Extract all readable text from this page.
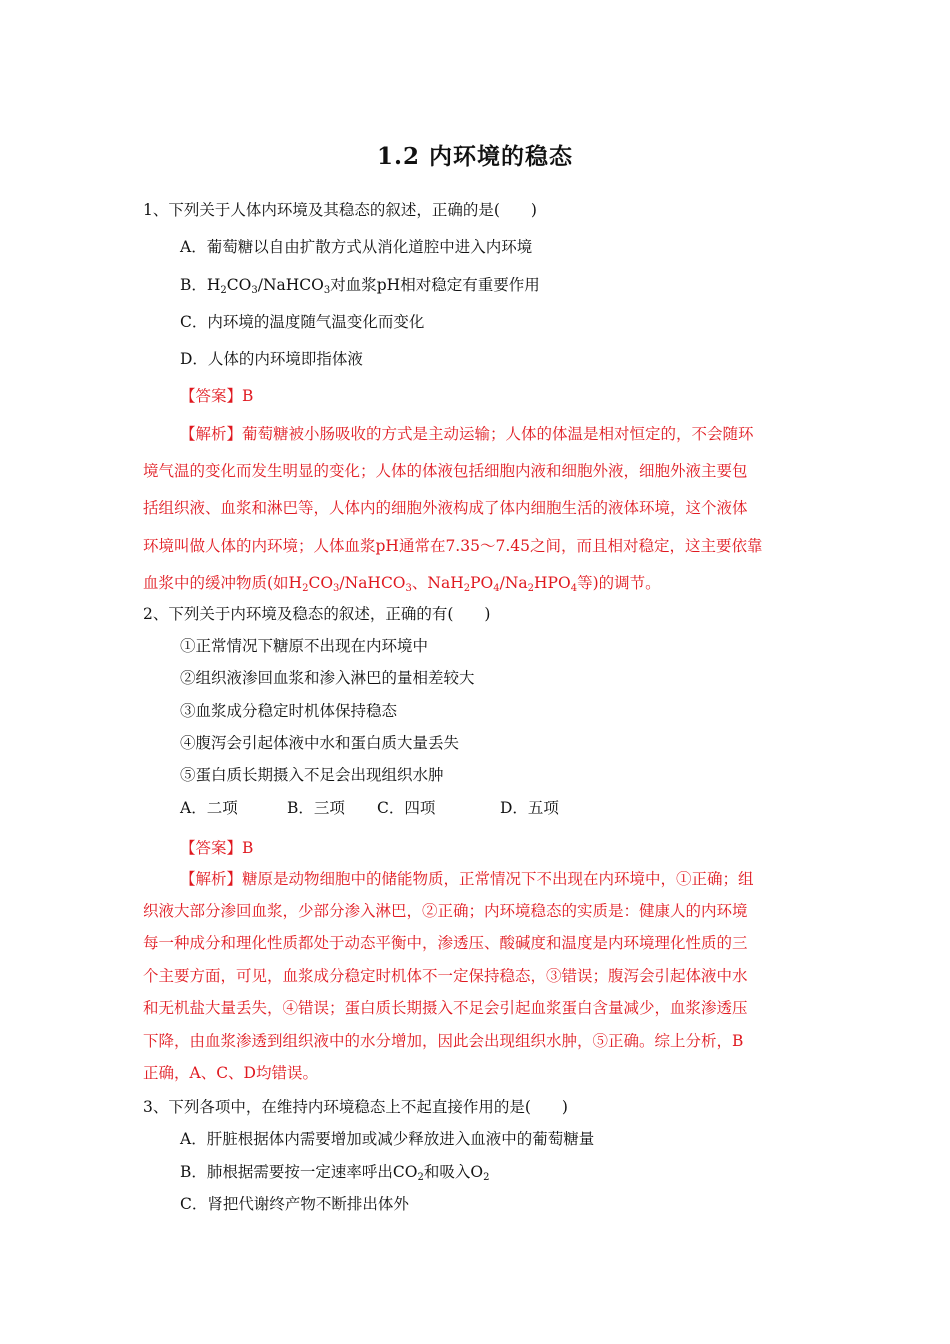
1.2 内环境的稳态
1、下列关于人体内环境及其稳态的叙述，正确的是(　　)
A．葡萄糖以自由扩散方式从消化道腔中进入内环境
B．$H_2CO_3/NaHCO_3$对血浆pH相对稳定有重要作用
C．内环境的温度随气温变化而变化
D．人体的内环境即指体液
【答案】B
【解析】葡萄糖被小肠吸收的方式是主动运输；人体的体温是相对恒定的，不会随环
境气温的变化而发生明显的变化；人体的体液包括细胞内液和细胞外液，细胞外液主要包
括组织液、血浆和淋巴等，人体内的细胞外液构成了体内细胞生活的液体环境，这个液体
环境叫做人体的内环境；人体血浆pH通常在7.35～7.45之间，而且相对稳定，这主要依靠
血浆中的缓冲物质(如$H_2CO_3/NaHCO_3$、$NaH_2PO_4/Na_2HPO_4$等)的调节。
2、下列关于内环境及稳态的叙述，正确的有(　　)
①正常情况下糖原不出现在内环境中
②组织液渗回血浆和渗入淋巴的量相差较大
③血浆成分稳定时机体保持稳态
④腹泻会引起体液中水和蛋白质大量丢失
⑤蛋白质长期摄入不足会出现组织水肿
A．二项	B．三项 C．四项	D．五项
【答案】B
【解析】糖原是动物细胞中的储能物质，正常情况下不出现在内环境中，①正确；组
织液大部分渗回血浆，少部分渗入淋巴，②正确；内环境稳态的实质是：健康人的内环境
每一种成分和理化性质都处于动态平衡中，渗透压、酸碱度和温度是内环境理化性质的三
个主要方面，可见，血浆成分稳定时机体不一定保持稳态，③错误；腹泻会引起体液中水
和无机盐大量丢失，④错误；蛋白质长期摄入不足会引起血浆蛋白含量减少，血浆渗透压
下降，由血浆渗透到组织液中的水分增加，因此会出现组织水肿，⑤正确。综上分析，B
正确，A、C、D均错误。
3、下列各项中，在维持内环境稳态上不起直接作用的是(　　)
A．肝脏根据体内需要增加或减少释放进入血液中的葡萄糖量
B．肺根据需要按一定速率呼出$CO_2$和吸入$O_2$
C．肾把代谢终产物不断排出体外
